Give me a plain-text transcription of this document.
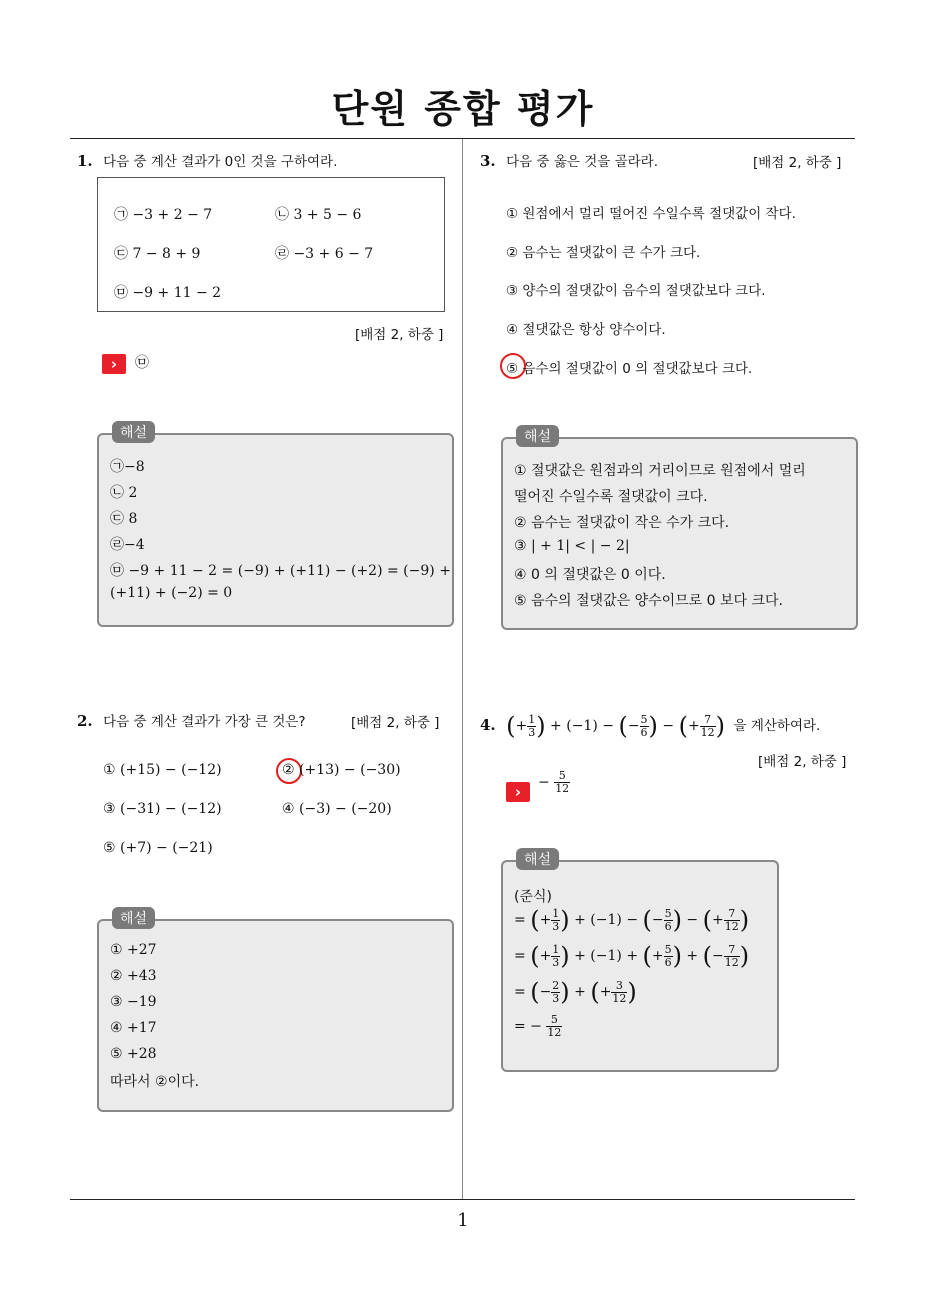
단원 종합 평가
1. 다음 중 계산 결과가 0인 것을 구하여라.
㉠ −3 + 2 − 7	㉡ 3 + 5 − 6
㉢ 7 − 8 + 9	㉣ −3 + 6 − 7
㉤ −9 + 11 − 2
[배점 2, 하중 ]
›	㉤
해설
㉠−8
㉡ 2
㉢ 8
㉣−4
㉤ −9 + 11 − 2 = (−9) + (+11) − (+2) = (−9) +
(+11) + (−2) = 0
2. 다음 중 계산 결과가 가장 큰 것은?	[배점 2, 하중 ]
① (+15) − (−12)	② (+13) − (−30)
③ (−31) − (−12)	④ (−3) − (−20)
⑤ (+7) − (−21)
해설
① +27
② +43
③ −19
④ +17
⑤ +28
따라서 ②이다.
3. 다음 중 옳은 것을 골라라.	[배점 2, 하중 ]
① 원점에서 멀리 떨어진 수일수록 절댓값이 작다.
② 음수는 절댓값이 큰 수가 크다.
③ 양수의 절댓값이 음수의 절댓값보다 크다.
④ 절댓값은 항상 양수이다.
⑤ 음수의 절댓값이 0 의 절댓값보다 크다.
해설
① 절댓값은 원점과의 거리이므로 원점에서 멀리
떨어진 수일수록 절댓값이 크다.
② 음수는 절댓값이 작은 수가 크다.
③ | + 1| < | − 2|
④ 0 의 절댓값은 0 이다.
⑤ 음수의 절댓값은 양수이므로 0 보다 크다.
4. (+ $\frac{1}{3}$ ) + (−1) − (− $\frac{5}{6}$ ) − (+ $\frac{7}{12}$ ) 을 계산하여라.
[배점 2, 하중 ]
›
− $\frac{5}{12}$
해설
(준식)
= (+ $\frac{1}{3}$ ) + (−1) − (− $\frac{5}{6}$ ) − (+ $\frac{7}{12}$ )
= (+ $\frac{1}{3}$ ) + (−1) + (+ $\frac{5}{6}$ ) + (− $\frac{7}{12}$ )
= (− $\frac{2}{3}$ ) + (+ $\frac{3}{12}$ )
= − $\frac{5}{12}$
1
